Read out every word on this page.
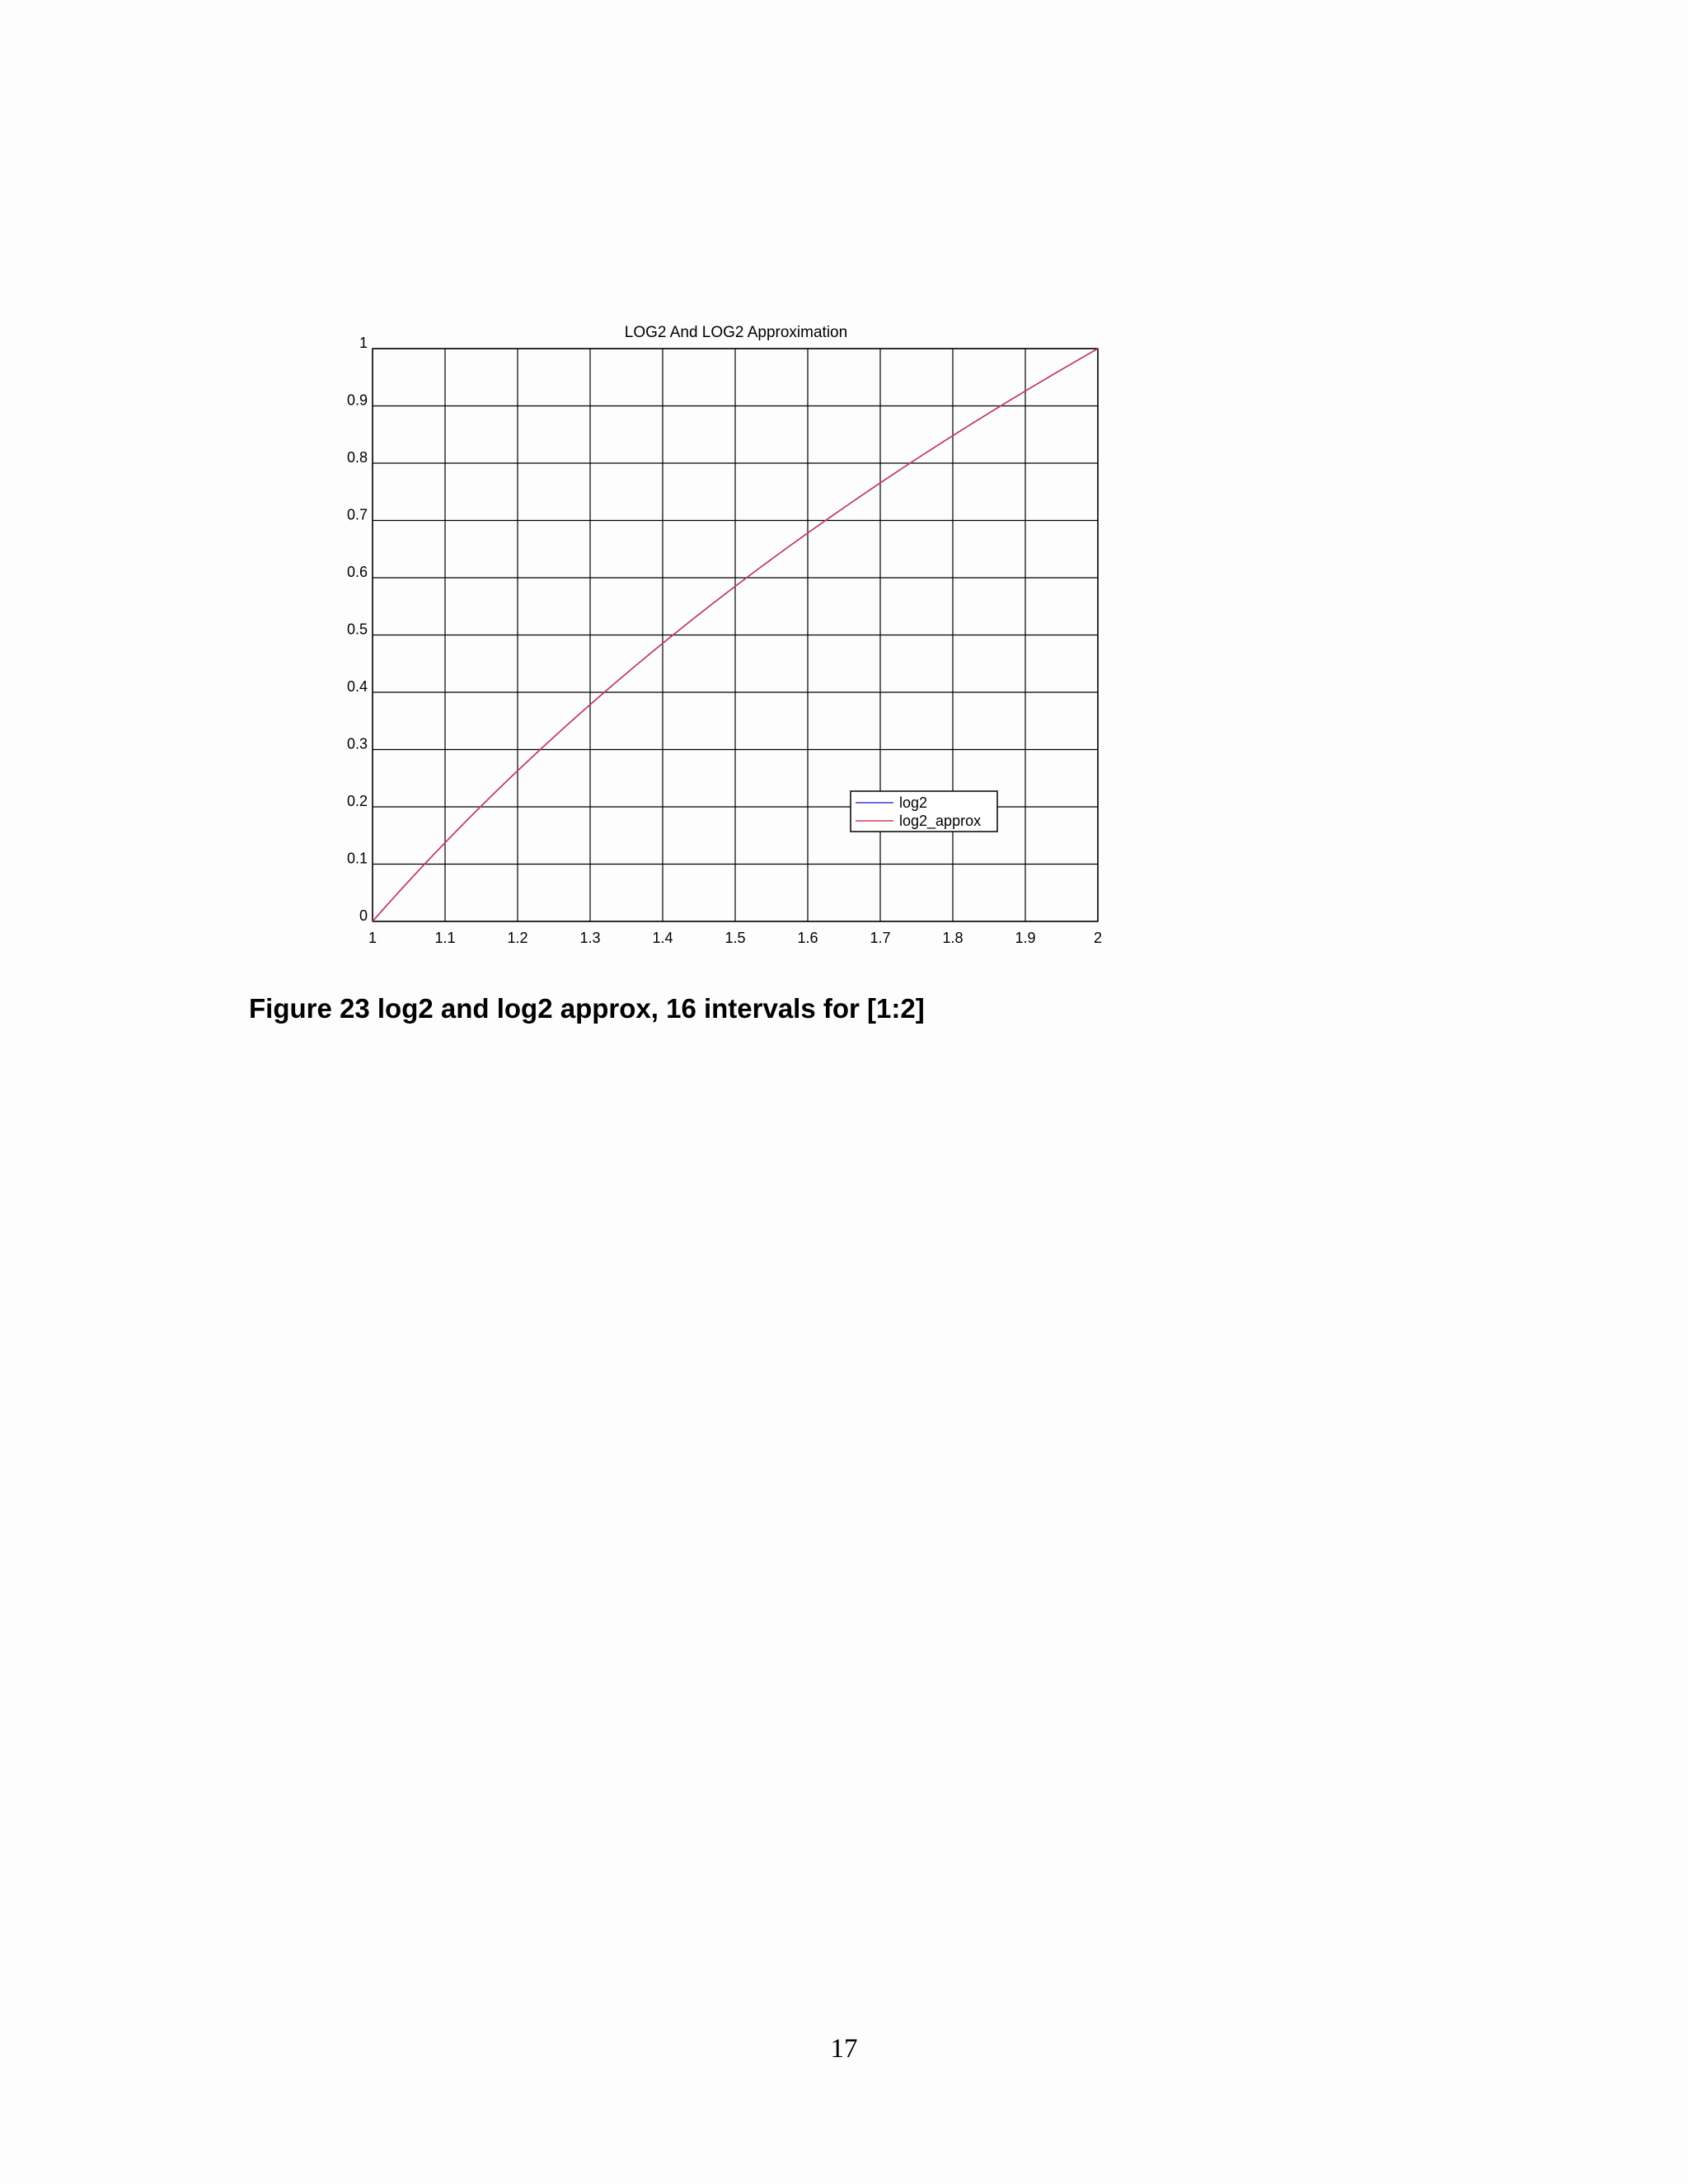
1	1.1	1.2	1.3	1.4	1.5	1.6	1.7	1.8	1.9	2
0
0.1
0.2
0.3
0.4
0.5
0.6
0.7
0.8
0.9
1
LOG2 And LOG2 Approximation
log2
log2_approx
Figure 23 log2 and log2 approx, 16 intervals for [1:2]
17
